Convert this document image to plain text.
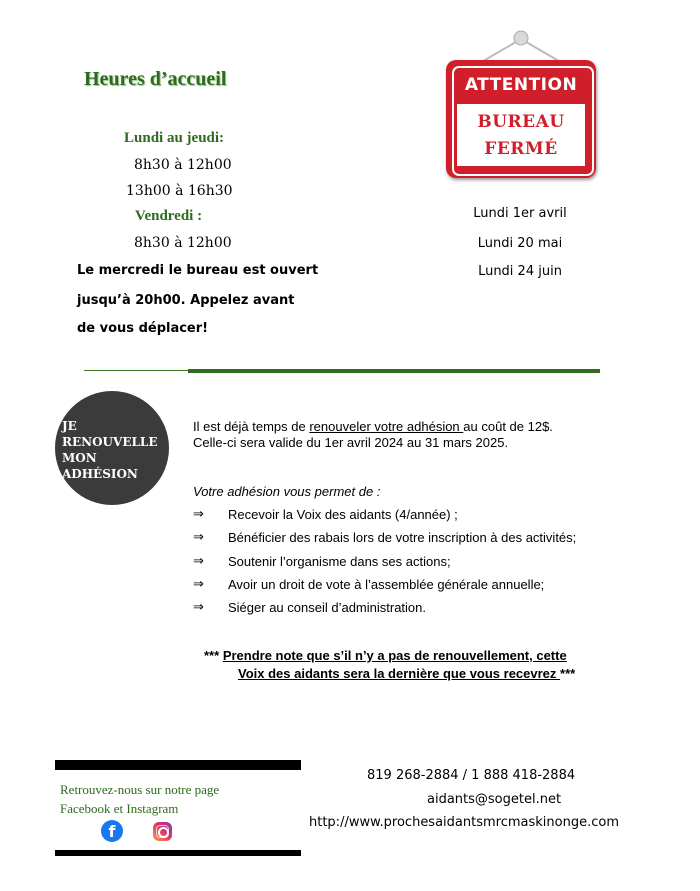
Heures d’accueil
Lundi au jeudi:
8h30 à 12h00
13h00 à 16h30
Vendredi :
8h30 à 12h00
Le mercredi le bureau est ouvert
jusqu’à 20h00. Appelez avant
de vous déplacer!
ATTENTION
BUREAU
FERMÉ
Lundi 1er avril
Lundi 20 mai
Lundi 24 juin
JE
RENOUVELLE
MON
ADHÉSION
Il est déjà temps de renouveler votre adhésion au coût de 12$.
Celle-ci sera valide du 1er avril 2024 au 31 mars 2025.
Votre adhésion vous permet de :
⇒ Recevoir la Voix des aidants (4/année) ;
⇒ Bénéficier des rabais lors de votre inscription à des activités;
⇒ Soutenir l’organisme dans ses actions;
⇒ Avoir un droit de vote à l’assemblée générale annuelle;
⇒ Siéger au conseil d’administration.
*** Prendre note que s’il n’y a pas de renouvellement, cette
Voix des aidants sera la dernière que vous recevrez ***
Retrouvez-nous sur notre page
Facebook et Instagram
f
819 268-2884 / 1 888 418-2884
aidants@sogetel.net
http://www.prochesaidantsmrcmaskinonge.com
